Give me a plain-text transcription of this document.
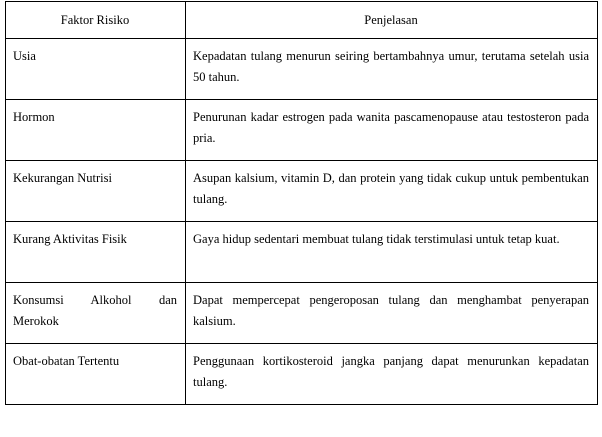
Faktor Risiko	Penjelasan
Usia	Kepadatan tulang menurun seiring bertambahnya umur, terutama setelah usia 50 tahun.
Hormon	Penurunan kadar estrogen pada wanita pascamenopause atau testosteron pada pria.
Kekurangan Nutrisi	Asupan kalsium, vitamin D, dan protein yang tidak cukup untuk pembentukan tulang.
Kurang Aktivitas Fisik	Gaya hidup sedentari membuat tulang tidak terstimulasi untuk tetap kuat.
Konsumsi Alkohol dan Merokok	Dapat mempercepat pengeroposan tulang dan menghambat penyerapan kalsium.
Obat-obatan Tertentu	Penggunaan kortikosteroid jangka panjang dapat menurunkan kepadatan tulang.
